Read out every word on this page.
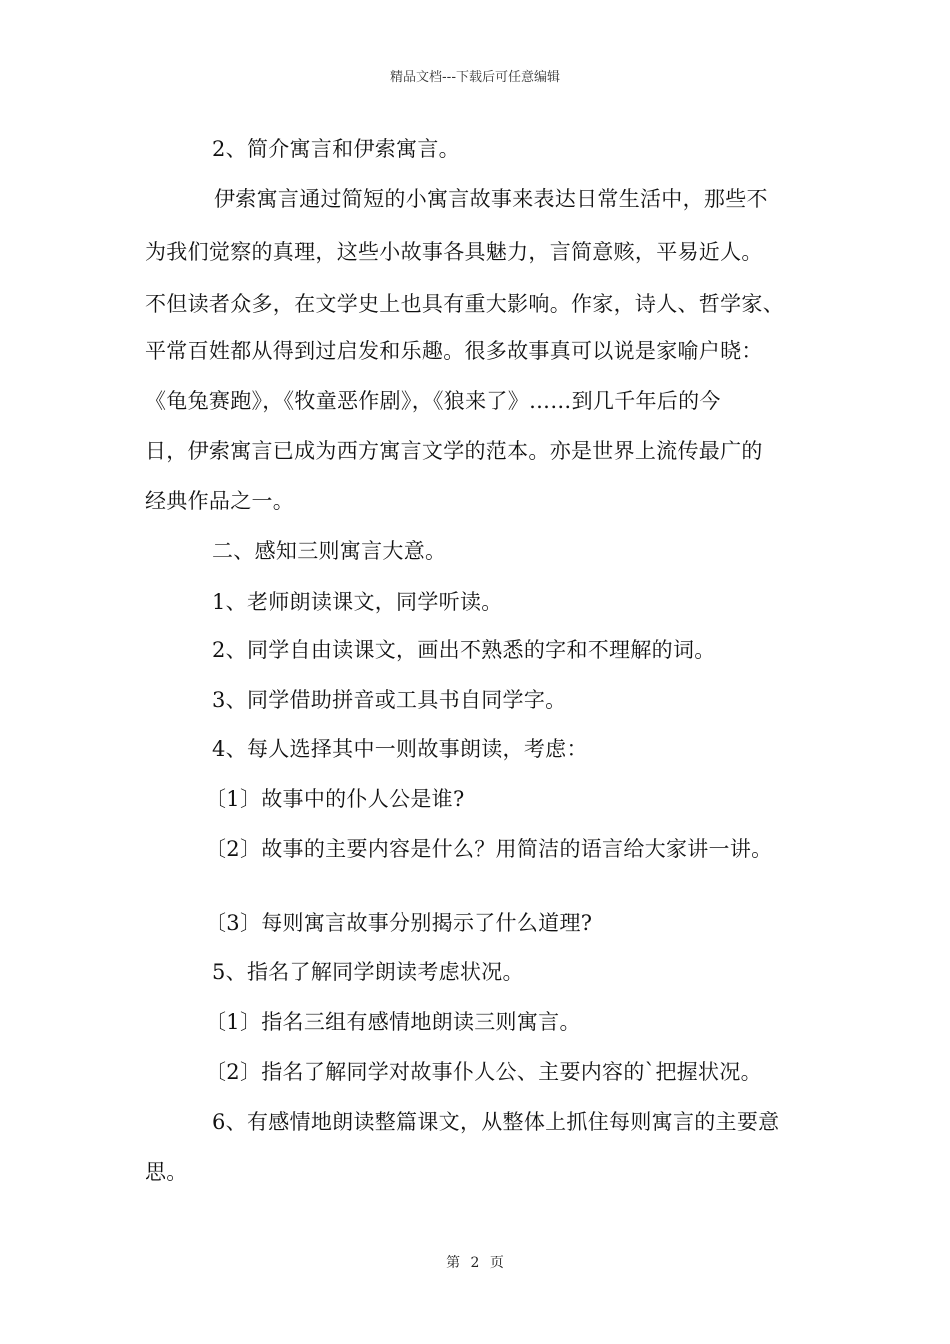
精品文档---下载后可任意编辑
2、简介寓言和伊索寓言。
伊索寓言通过简短的小寓言故事来表达日常生活中，那些不
为我们觉察的真理，这些小故事各具魅力，言简意赅，平易近人。
不但读者众多，在文学史上也具有重大影响。作家，诗人、哲学家、
平常百姓都从得到过启发和乐趣。很多故事真可以说是家喻户晓：
《龟兔赛跑》，《牧童恶作剧》，《狼来了》……到几千年后的今
日，伊索寓言已成为西方寓言文学的范本。亦是世界上流传最广的
经典作品之一。
二、感知三则寓言大意。
1、老师朗读课文，同学听读。
2、同学自由读课文，画出不熟悉的字和不理解的词。
3、同学借助拼音或工具书自同学字。
4、每人选择其中一则故事朗读，考虑：
〔1〕故事中的仆人公是谁?
〔2〕故事的主要内容是什么？用简洁的语言给大家讲一讲。
〔3〕每则寓言故事分别揭示了什么道理?
5、指名了解同学朗读考虑状况。
〔1〕指名三组有感情地朗读三则寓言。
〔2〕指名了解同学对故事仆人公、主要内容的`把握状况。
6、有感情地朗读整篇课文，从整体上抓住每则寓言的主要意
思。
第 2 页
